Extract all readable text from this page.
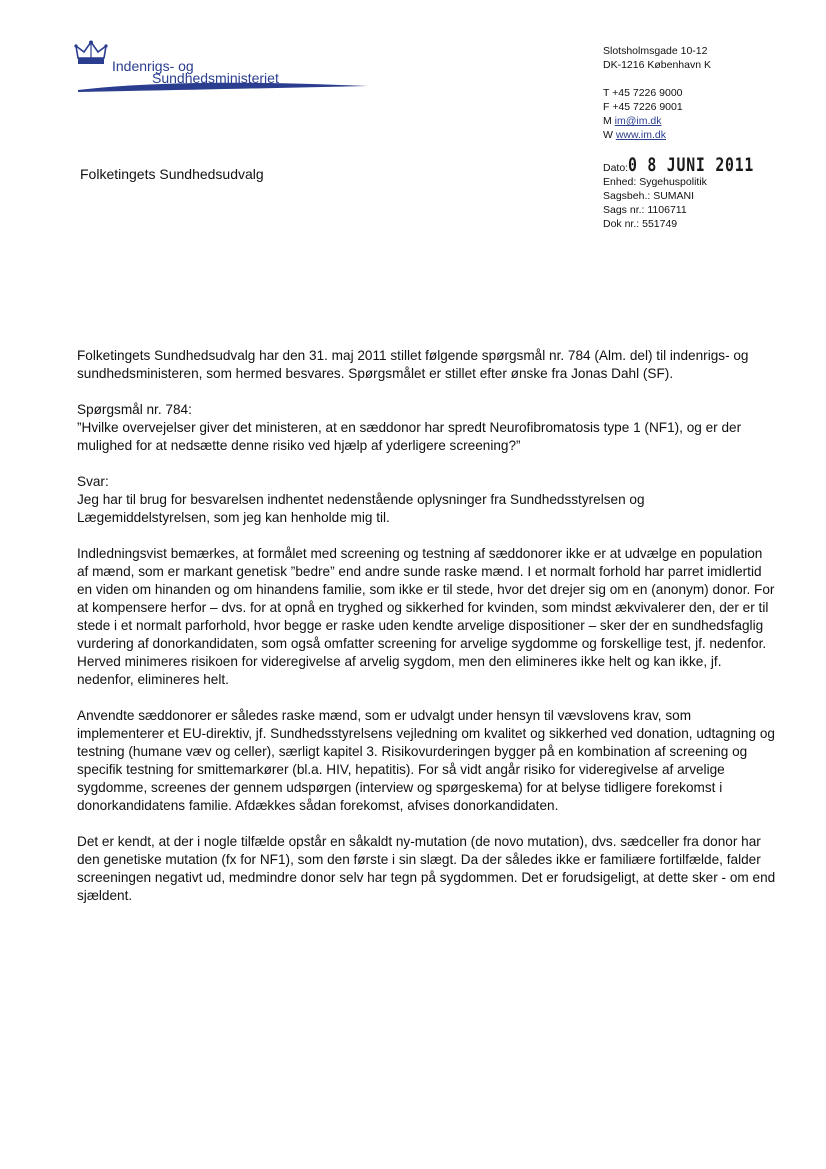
Indenrigs- og
Sundhedsministeriet
Slotsholmsgade 10-12
DK-1216 København K
T +45 7226 9000
F +45 7226 9001
M im@im.dk
W www.im.dk
Folketingets Sundhedsudvalg	Dato: 0 8 JUNI 2011
Enhed: Sygehuspolitik
Sagsbeh.: SUMANI
Sags nr.: 1106711
Dok nr.: 551749

Folketingets Sundhedsudvalg har den 31. maj 2011 stillet følgende spørgsmål nr. 784 (Alm. del) til indenrigs- og sundhedsministeren, som hermed besvares. Spørgsmålet er stillet efter ønske fra Jonas Dahl (SF).

Spørgsmål nr. 784:
”Hvilke overvejelser giver det ministeren, at en sæddonor har spredt Neurofibromatosis type 1 (NF1), og er der mulighed for at nedsætte denne risiko ved hjælp af yderligere screening?”

Svar:
Jeg har til brug for besvarelsen indhentet nedenstående oplysninger fra Sundhedsstyrelsen og Lægemiddelstyrelsen, som jeg kan henholde mig til.

Indledningsvist bemærkes, at formålet med screening og testning af sæddonorer ikke er at udvælge en population af mænd, som er markant genetisk ”bedre” end andre sunde raske mænd. I et normalt forhold har parret imidlertid en viden om hinanden og om hinandens familie, som ikke er til stede, hvor det drejer sig om en (anonym) donor. For at kompensere herfor – dvs. for at opnå en tryghed og sikkerhed for kvinden, som mindst ækvivalerer den, der er til stede i et normalt parforhold, hvor begge er raske uden kendte arvelige dispositioner – sker der en sundhedsfaglig vurdering af donorkandidaten, som også omfatter screening for arvelige sygdomme og forskellige test, jf. nedenfor. Herved minimeres risikoen for videregivelse af arvelig sygdom, men den elimineres ikke helt og kan ikke, jf. nedenfor, elimineres helt.

Anvendte sæddonorer er således raske mænd, som er udvalgt under hensyn til vævslovens krav, som implementerer et EU-direktiv, jf. Sundhedsstyrelsens vejledning om kvalitet og sikkerhed ved donation, udtagning og testning (humane væv og celler), særligt kapitel 3. Risikovurderingen bygger på en kombination af screening og specifik testning for smittemarkører (bl.a. HIV, hepatitis). For så vidt angår risiko for videregivelse af arvelige sygdomme, screenes der gennem udspørgen (interview og spørgeskema) for at belyse tidligere forekomst i donorkandidatens familie. Afdækkes sådan forekomst, afvises donorkandidaten.

Det er kendt, at der i nogle tilfælde opstår en såkaldt ny-mutation (de novo mutation), dvs. sædceller fra donor har den genetiske mutation (fx for NF1), som den første i sin slægt. Da der således ikke er familiære fortilfælde, falder screeningen negativt ud, medmindre donor selv har tegn på sygdommen. Det er forudsigeligt, at dette sker - om end sjældent.
